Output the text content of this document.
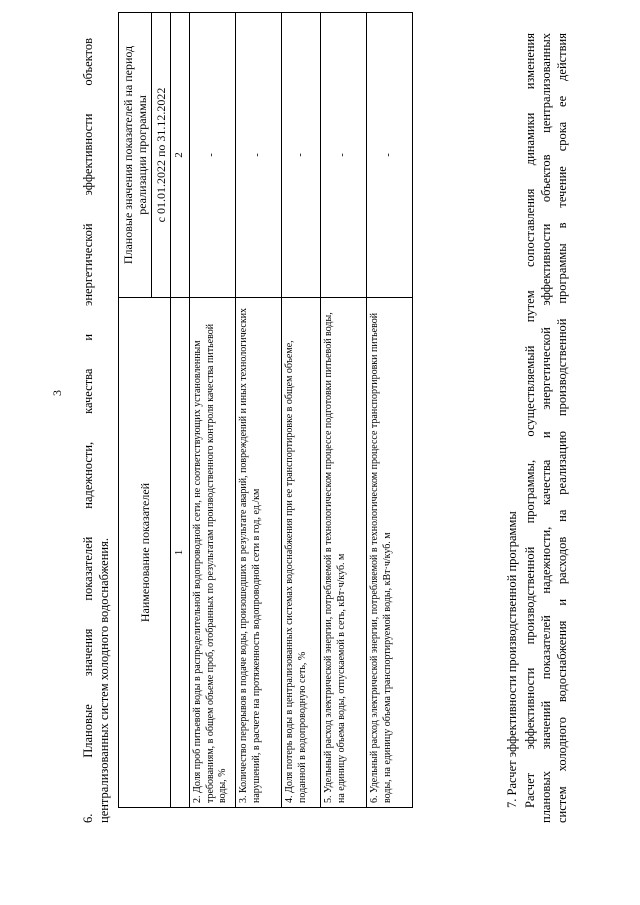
3 6.  Плановые значения показателей надежности, качества и энергетической эффективности объектов централизованных систем холодного водоснабжения. Наименование показателей	Плановые значения показателей на период реализации программы
	с 01.01.2022 по 31.12.2022
1	2
2. Доля проб питьевой воды в распределительной водопроводной сети, не соответствующих установленным требованиям, в общем объеме проб, отобранных по результатам производственного контроля качества питьевой воды, %	-
3. Количество перерывов в подаче воды, произошедших в результате аварий, повреждений и иных технологических нарушений, в расчете на протяженность водопроводной сети в год, ед./км	-
4. Доля потерь воды в централизованных системах водоснабжения при ее транспортировке в общем объеме, поданной в водопроводную сеть, %	-
5. Удельный расход электрической энергии, потребляемой в технологическом процессе подготовки питьевой воды, на единицу объема воды, отпускаемой в сеть, кВт·ч/куб. м	-
6. Удельный расход электрической энергии, потребляемой в технологическом процессе транспортировки питьевой воды, на единицу объема транспортируемой воды, кВт·ч/куб. м	-
7. Расчет эффективности производственной программы Расчет эффективности производственной программы, осуществляемый путем сопоставления динамики изменения плановых значений показателей надежности, качества и энергетической эффективности объектов централизованных систем холодного водоснабжения и расходов на реализацию производственной программы в течение срока ее действия
